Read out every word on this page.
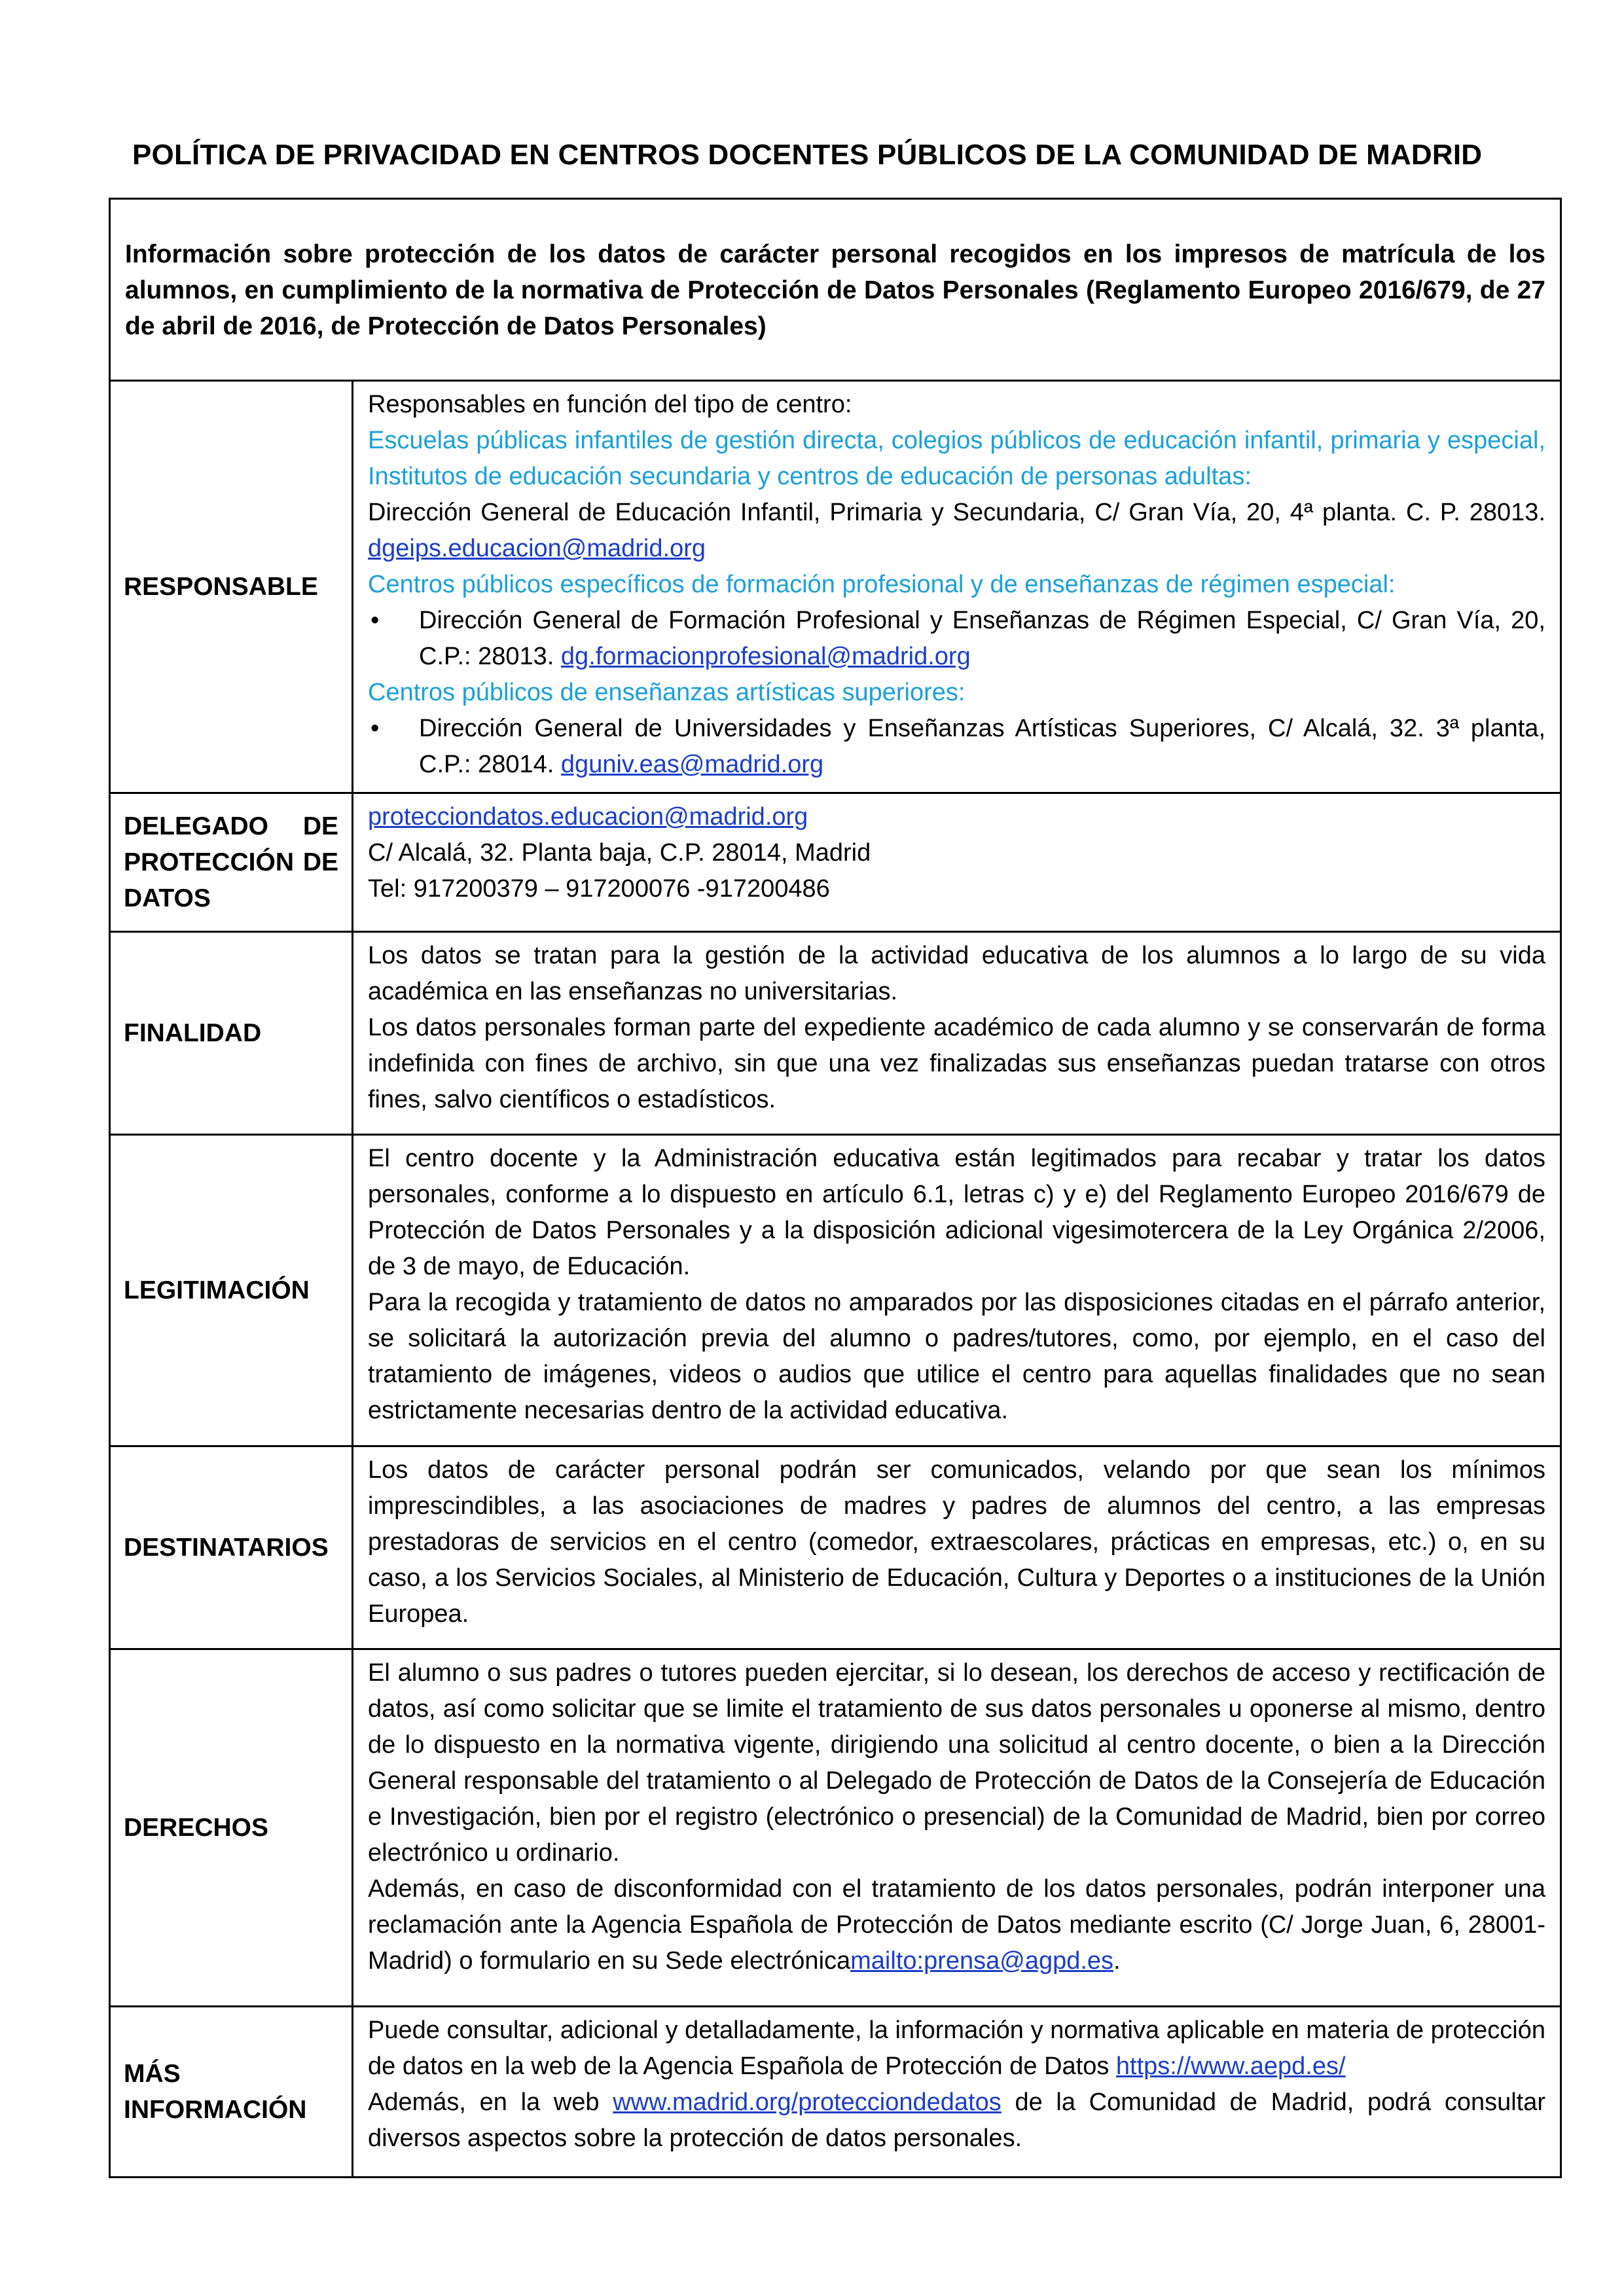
POLÍTICA DE PRIVACIDAD EN CENTROS DOCENTES PÚBLICOS DE LA COMUNIDAD DE MADRID
Información sobre protección de los datos de carácter personal recogidos en los impresos de matrícula de los alumnos, en cumplimiento de la normativa de Protección de Datos Personales (Reglamento Europeo 2016/679, de 27 de abril de 2016, de Protección de Datos Personales)
RESPONSABLE

Responsables en función del tipo de centro:

Escuelas públicas infantiles de gestión directa, colegios públicos de educación infantil, primaria y especial, Institutos de educación secundaria y centros de educación de personas adultas:

Dirección General de Educación Infantil, Primaria y Secundaria, C/ Gran Vía, 20, 4ª planta. C. P. 28013. dgeips.educacion@madrid.org

Centros públicos específicos de formación profesional y de enseñanzas de régimen especial:

•	Dirección General de Formación Profesional y Enseñanzas de Régimen Especial, C/ Gran Vía, 20, C.P.: 28013. dg.formacionprofesional@madrid.org

Centros públicos de enseñanzas artísticas superiores:

•	Dirección General de Universidades y Enseñanzas Artísticas Superiores, C/ Alcalá, 32. 3ª planta, C.P.: 28014. dguniv.eas@madrid.org
DELEGADO DE PROTECCIÓN DE DATOS

protecciondatos.educacion@madrid.org

C/ Alcalá, 32. Planta baja, C.P. 28014, Madrid

Tel: 917200379 – 917200076 -917200486

FINALIDAD

Los datos se tratan para la gestión de la actividad educativa de los alumnos a lo largo de su vida académica en las enseñanzas no universitarias.

Los datos personales forman parte del expediente académico de cada alumno y se conservarán de forma indefinida con fines de archivo, sin que una vez finalizadas sus enseñanzas puedan tratarse con otros fines, salvo científicos o estadísticos.

LEGITIMACIÓN

El centro docente y la Administración educativa están legitimados para recabar y tratar los datos personales, conforme a lo dispuesto en artículo 6.1, letras c) y e) del Reglamento Europeo 2016/679 de Protección de Datos Personales y a la disposición adicional vigesimotercera de la Ley Orgánica 2/2006, de 3 de mayo, de Educación.

Para la recogida y tratamiento de datos no amparados por las disposiciones citadas en el párrafo anterior, se solicitará la autorización previa del alumno o padres/tutores, como, por ejemplo, en el caso del tratamiento de imágenes, videos o audios que utilice el centro para aquellas finalidades que no sean estrictamente necesarias dentro de la actividad educativa.

DESTINATARIOS

Los datos de carácter personal podrán ser comunicados, velando por que sean los mínimos imprescindibles, a las asociaciones de madres y padres de alumnos del centro, a las empresas prestadoras de servicios en el centro (comedor, extraescolares, prácticas en empresas, etc.) o, en su caso, a los Servicios Sociales, al Ministerio de Educación, Cultura y Deportes o a instituciones de la Unión Europea.

DERECHOS

El alumno o sus padres o tutores pueden ejercitar, si lo desean, los derechos de acceso y rectificación de datos, así como solicitar que se limite el tratamiento de sus datos personales u oponerse al mismo, dentro de lo dispuesto en la normativa vigente, dirigiendo una solicitud al centro docente, o bien a la Dirección General responsable del tratamiento o al Delegado de Protección de Datos de la Consejería de Educación e Investigación, bien por el registro (electrónico o presencial) de la Comunidad de Madrid, bien por correo electrónico u ordinario.

Además, en caso de disconformidad con el tratamiento de los datos personales, podrán interponer una reclamación ante la Agencia Española de Protección de Datos mediante escrito (C/ Jorge Juan, 6, 28001-Madrid) o formulario en su Sede electrónicamailto:prensa@agpd.es.

MÁS INFORMACIÓN

Puede consultar, adicional y detalladamente, la información y normativa aplicable en materia de protección de datos en la web de la Agencia Española de Protección de Datos https://www.aepd.es/

Además, en la web www.madrid.org/protecciondedatos de la Comunidad de Madrid, podrá consultar diversos aspectos sobre la protección de datos personales.
